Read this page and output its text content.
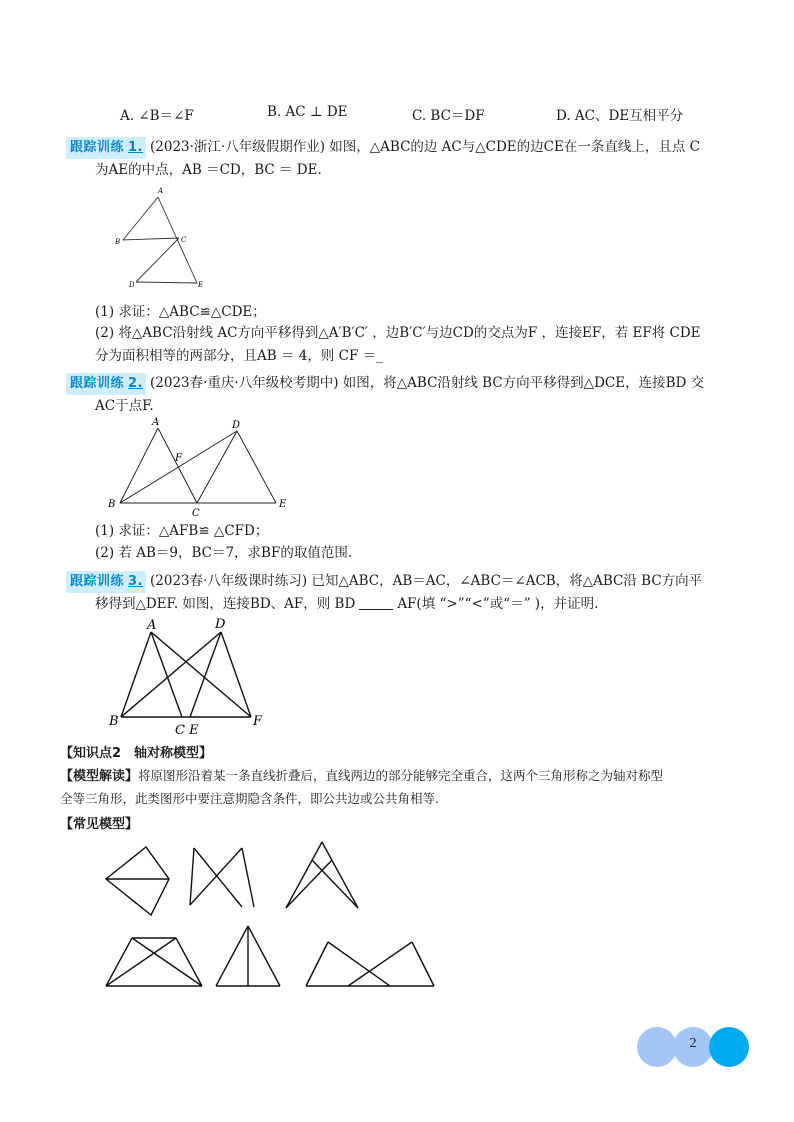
A. ∠B＝∠F	B. AC ⊥ DE	C. BC＝DF	D. AC、DE互相平分
跟踪训练 1. (2023·浙江·八年级假期作业) 如图，△ABC的边 AC与△CDE的边CE在一条直线上，且点 C
为AE的中点，AB ＝CD，BC ＝ DE.
A
B	C
D	E
(1) 求证：△ABC≌△CDE；
(2) 将△ABC沿射线 AC方向平移得到△A′B′C′ ，边B′C′与边CD的交点为F ，连接EF，若 EF将 CDE
分为面积相等的两部分，且AB ＝ 4，则 CF ＝_
跟踪训练 2. (2023春·重庆·八年级校考期中) 如图，将△ABC沿射线 BC方向平移得到△DCE，连接BD 交
AC于点F.
A
B
C
D
E
F
(1) 求证：△AFB≌ △CFD；
(2) 若 AB＝9，BC＝7，求BF的取值范围.
跟踪训练 3. (2023春·八年级课时练习) 已知△ABC，AB＝AC，∠ABC＝∠ACB，将△ABC沿 BC方向平
移得到△DEF. 如图，连接BD、AF，则 BD	AF(填 “>”“<”或“＝” )，并证明.
A	D
B
C E
F
【知识点2　轴对称模型】
【模型解读】将原图形沿着某一条直线折叠后，直线两边的部分能够完全重合，这两个三角形称之为轴对称型
全等三角形，此类图形中要注意期隐含条件，即公共边或公共角相等.
【常见模型】
2
